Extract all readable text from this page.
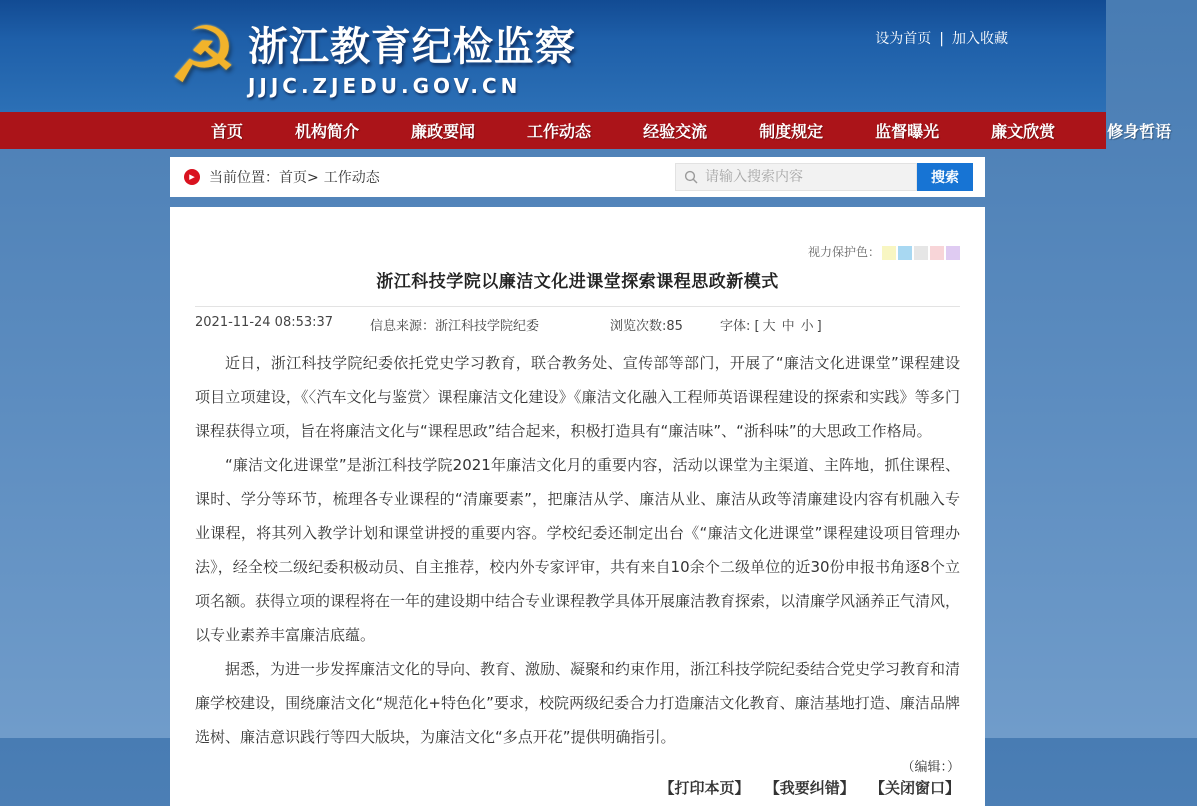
☭ 浙江教育纪检监察
JJJC.ZJEDU.GOV.CN
设为首页 | 加入收藏
首页	机构简介	廉政要闻	工作动态	经验交流	制度规定	监督曝光	廉文欣赏	修身哲语
▸	当前位置： 首页> 工作动态
请输入搜索内容	搜索
视力保护色：
浙江科技学院以廉洁文化进课堂探索课程思政新模式
2021-11-24 08:53:37	信息来源：浙江科技学院纪委	浏览次数:85	字体: [ 大 中 小 ]

近日，浙江科技学院纪委依托党史学习教育，联合教务处、宣传部等部门，开展了“廉洁文化进课堂”课程建设项目立项建设，《〈汽车文化与鉴赏〉课程廉洁文化建设》《廉洁文化融入工程师英语课程建设的探索和实践》等多门课程获得立项，旨在将廉洁文化与“课程思政”结合起来，积极打造具有“廉洁味”、“浙科味”的大思政工作格局。

“廉洁文化进课堂”是浙江科技学院2021年廉洁文化月的重要内容，活动以课堂为主渠道、主阵地，抓住课程、课时、学分等环节，梳理各专业课程的“清廉要素”，把廉洁从学、廉洁从业、廉洁从政等清廉建设内容有机融入专业课程，将其列入教学计划和课堂讲授的重要内容。学校纪委还制定出台《“廉洁文化进课堂”课程建设项目管理办法》，经全校二级纪委积极动员、自主推荐，校内外专家评审，共有来自10余个二级单位的近30份申报书角逐8个立项名额。获得立项的课程将在一年的建设期中结合专业课程教学具体开展廉洁教育探索，以清廉学风涵养正气清风，以专业素养丰富廉洁底蕴。

据悉，为进一步发挥廉洁文化的导向、教育、激励、凝聚和约束作用，浙江科技学院纪委结合党史学习教育和清廉学校建设，围绕廉洁文化“规范化+特色化”要求，校院两级纪委合力打造廉洁文化教育、廉洁基地打造、廉洁品牌选树、廉洁意识践行等四大版块，为廉洁文化“多点开花”提供明确指引。

（编辑：）
【打印本页】 【我要纠错】 【关闭窗口】
